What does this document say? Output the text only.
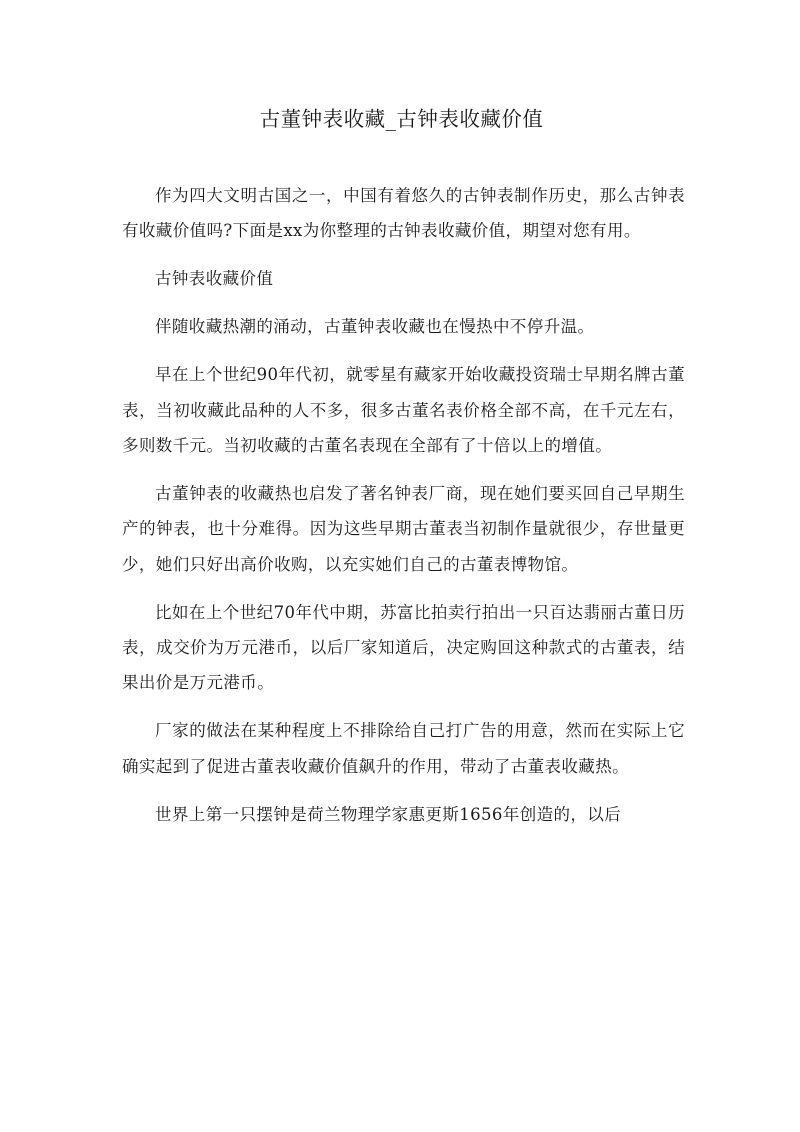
古董钟表收藏_古钟表收藏价值

作为四大文明古国之一，中国有着悠久的古钟表制作历史，那么古钟表有收藏价值吗?下面是xx为你整理的古钟表收藏价值，期望对您有用。

古钟表收藏价值

伴随收藏热潮的涌动，古董钟表收藏也在慢热中不停升温。

早在上个世纪90年代初，就零星有藏家开始收藏投资瑞士早期名牌古董表，当初收藏此品种的人不多，很多古董名表价格全部不高，在千元左右，多则数千元。当初收藏的古董名表现在全部有了十倍以上的增值。

古董钟表的收藏热也启发了著名钟表厂商，现在她们要买回自己早期生产的钟表，也十分难得。因为这些早期古董表当初制作量就很少，存世量更少，她们只好出高价收购，以充实她们自己的古董表博物馆。

比如在上个世纪70年代中期，苏富比拍卖行拍出一只百达翡丽古董日历表，成交价为万元港币，以后厂家知道后，决定购回这种款式的古董表，结果出价是万元港币。

厂家的做法在某种程度上不排除给自己打广告的用意，然而在实际上它确实起到了促进古董表收藏价值飙升的作用，带动了古董表收藏热。

世界上第一只摆钟是荷兰物理学家惠更斯1656年创造的，以后
